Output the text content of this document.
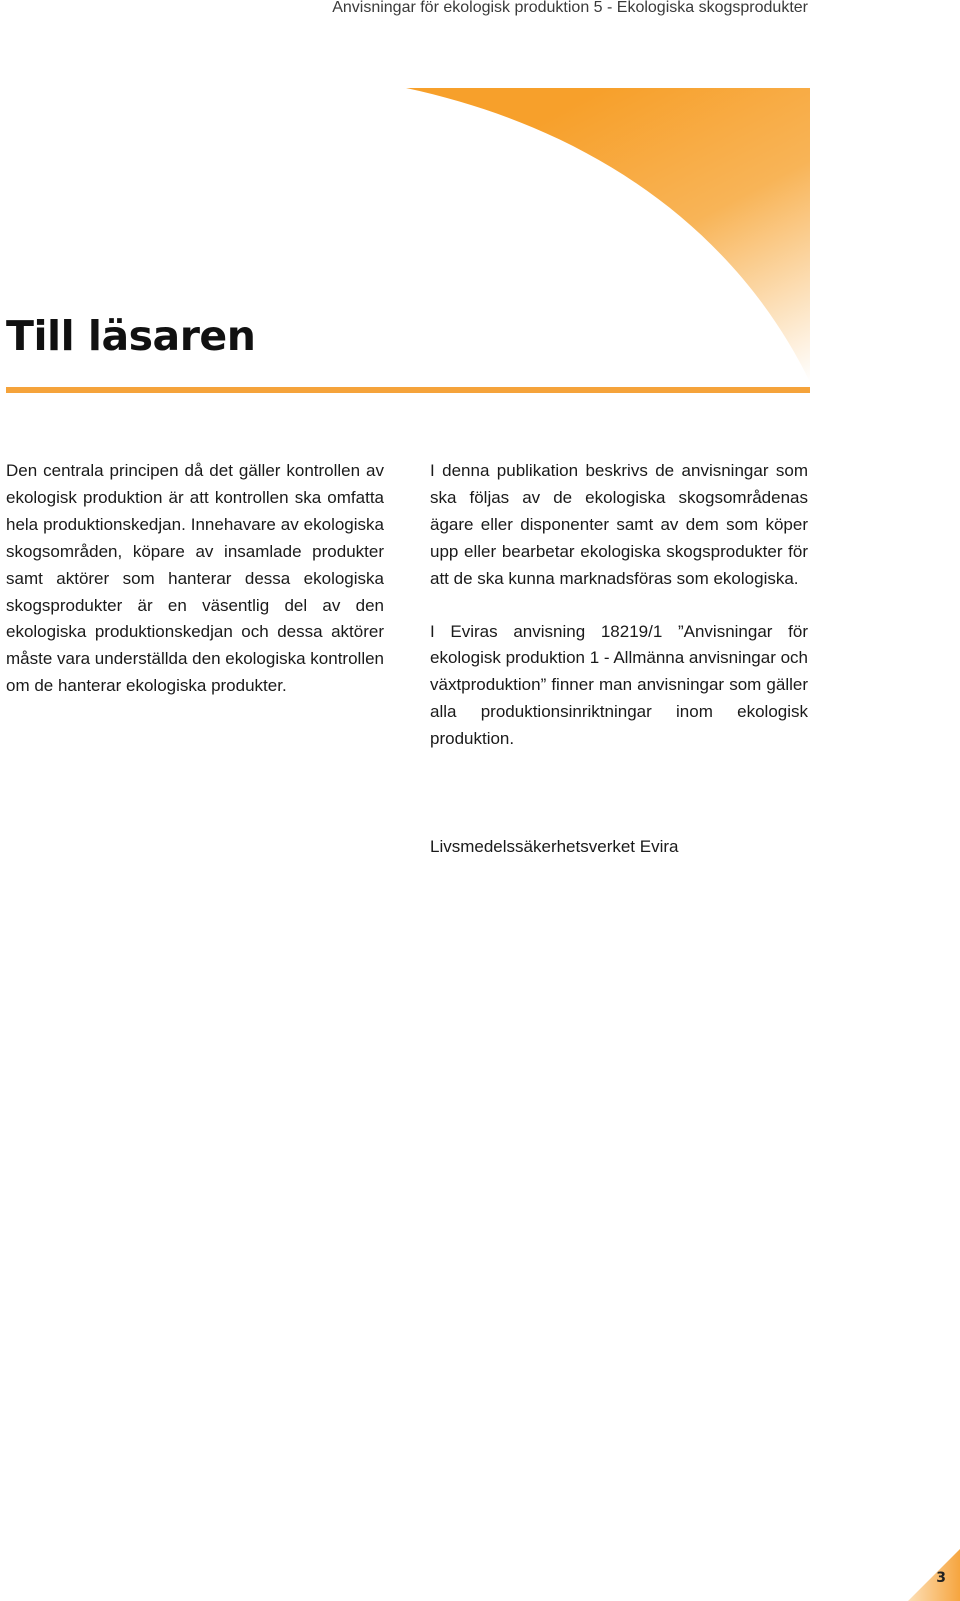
Anvisningar för ekologisk produktion 5 - Ekologiska skogsprodukter
Till läsaren

Den centrala principen då det gäller kontrollen av ekologisk produktion är att kontrollen ska omfatta hela produktionskedjan. Innehavare av ekologiska skogsområden, köpare av insamlade produkter samt aktörer som hanterar dessa ekologiska skogsprodukter är en väsentlig del av den ekologiska produktionskedjan och dessa aktörer måste vara underställda den ekologiska kontrollen om de hanterar ekologiska produkter.

I denna publikation beskrivs de anvisningar som ska följas av de ekologiska skogsområdenas ägare eller disponenter samt av dem som köper upp eller bearbetar ekologiska skogsprodukter för att de ska kunna marknadsföras som ekologiska.

I Eviras anvisning 18219/1 ”Anvisningar för ekologisk produktion 1 - Allmänna anvisningar och växtproduktion” finner man anvisningar som gäller alla produktionsinriktningar inom ekologisk produktion.

Livsmedelssäkerhetsverket Evira
3
